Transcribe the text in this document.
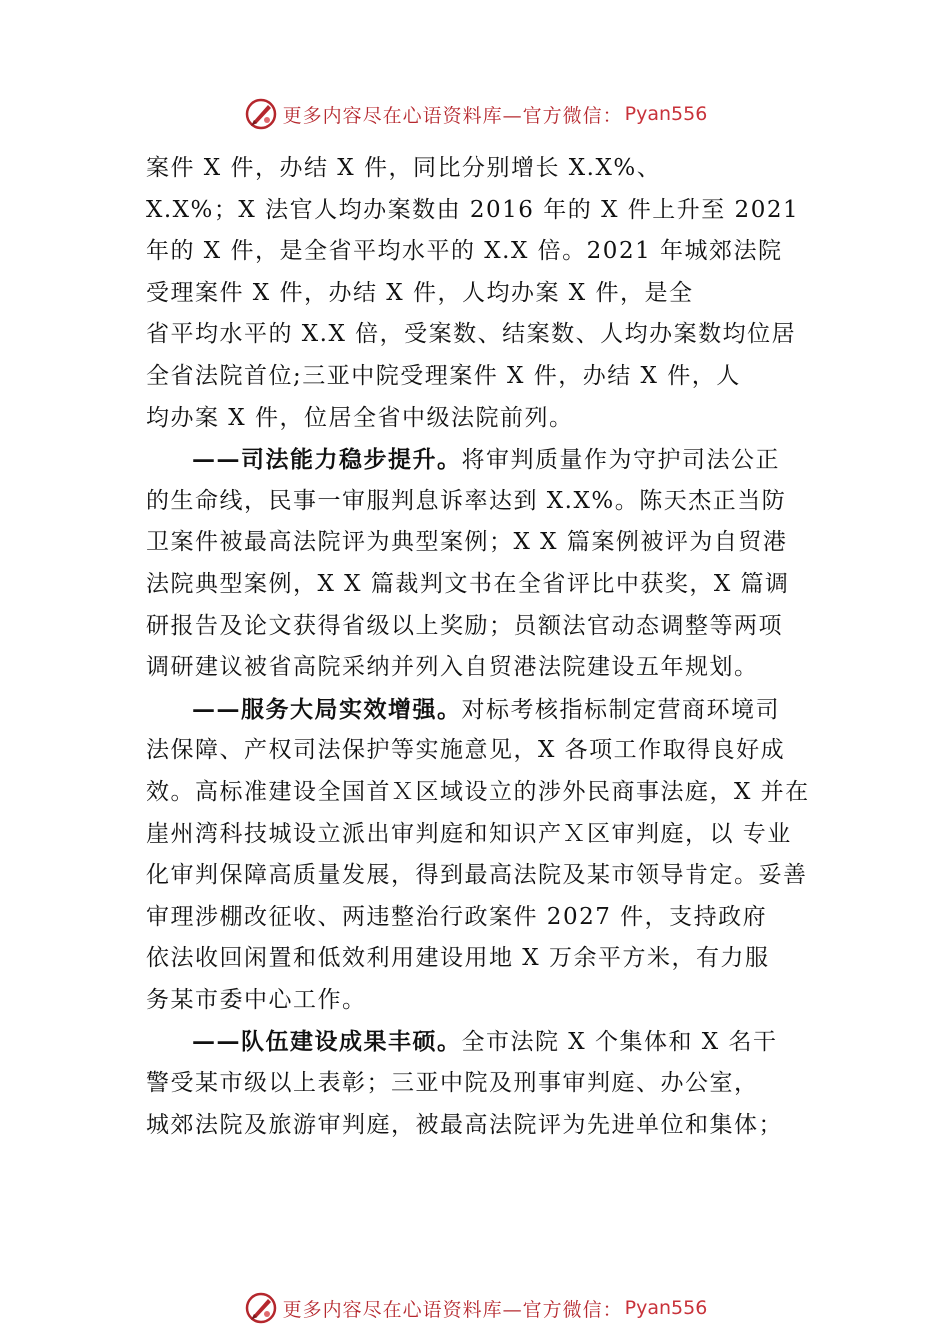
更多内容尽在心语资料库—官方微信： Pyan556
案件 X 件，办结 X 件，同比分别增长 X.X%、
X.X%；X 法官人均办案数由 2016 年的 X 件上升至 2021
年的 X 件，是全省平均水平的 X.X 倍。2021 年城郊法院
受理案件 X 件，办结 X 件，人均办案 X 件，是全
省平均水平的 X.X 倍，受案数、结案数、人均办案数均位居
全省法院首位;三亚中院受理案件 X 件，办结 X 件，人
均办案 X 件，位居全省中级法院前列。
——司法能力稳步提升。将审判质量作为守护司法公正
的生命线，民事一审服判息诉率达到 X.X%。陈天杰正当防
卫案件被最高法院评为典型案例；X X 篇案例被评为自贸港
法院典型案例，X X 篇裁判文书在全省评比中获奖，X 篇调
研报告及论文获得省级以上奖励；员额法官动态调整等两项
调研建议被省高院采纳并列入自贸港法院建设五年规划。
——服务大局实效增强。对标考核指标制定营商环境司
法保障、产权司法保护等实施意见，X 各项工作取得良好成
效。高标准建设全国首Ｘ区域设立的涉外民商事法庭，X 并在
崖州湾科技城设立派出审判庭和知识产Ｘ区审判庭，以 专业
化审判保障高质量发展，得到最高法院及某市领导肯定。妥善
审理涉棚改征收、两违整治行政案件 2027 件，支持政府
依法收回闲置和低效利用建设用地 X 万余平方米，有力服
务某市委中心工作。
——队伍建设成果丰硕。全市法院 X 个集体和 X 名干
警受某市级以上表彰；三亚中院及刑事审判庭、办公室，
城郊法院及旅游审判庭，被最高法院评为先进单位和集体；
更多内容尽在心语资料库—官方微信： Pyan556
